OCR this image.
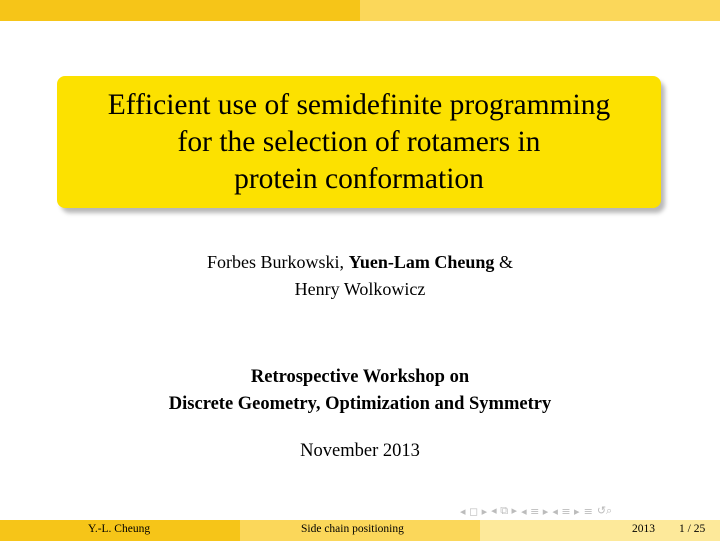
Efficient use of semidefinite programming
for the selection of rotamers in
protein conformation
Forbes Burkowski, Yuen-Lam Cheung &
Henry Wolkowicz
Retrospective Workshop on
Discrete Geometry, Optimization and Symmetry
November 2013
◂ ◻ ▸ ◂ ⧉ ▸ ◂ ≡ ▸ ◂ ≡ ▸ ≡ ↺⌕
Y.-L. Cheung	Side chain positioning	2013 1 / 25
